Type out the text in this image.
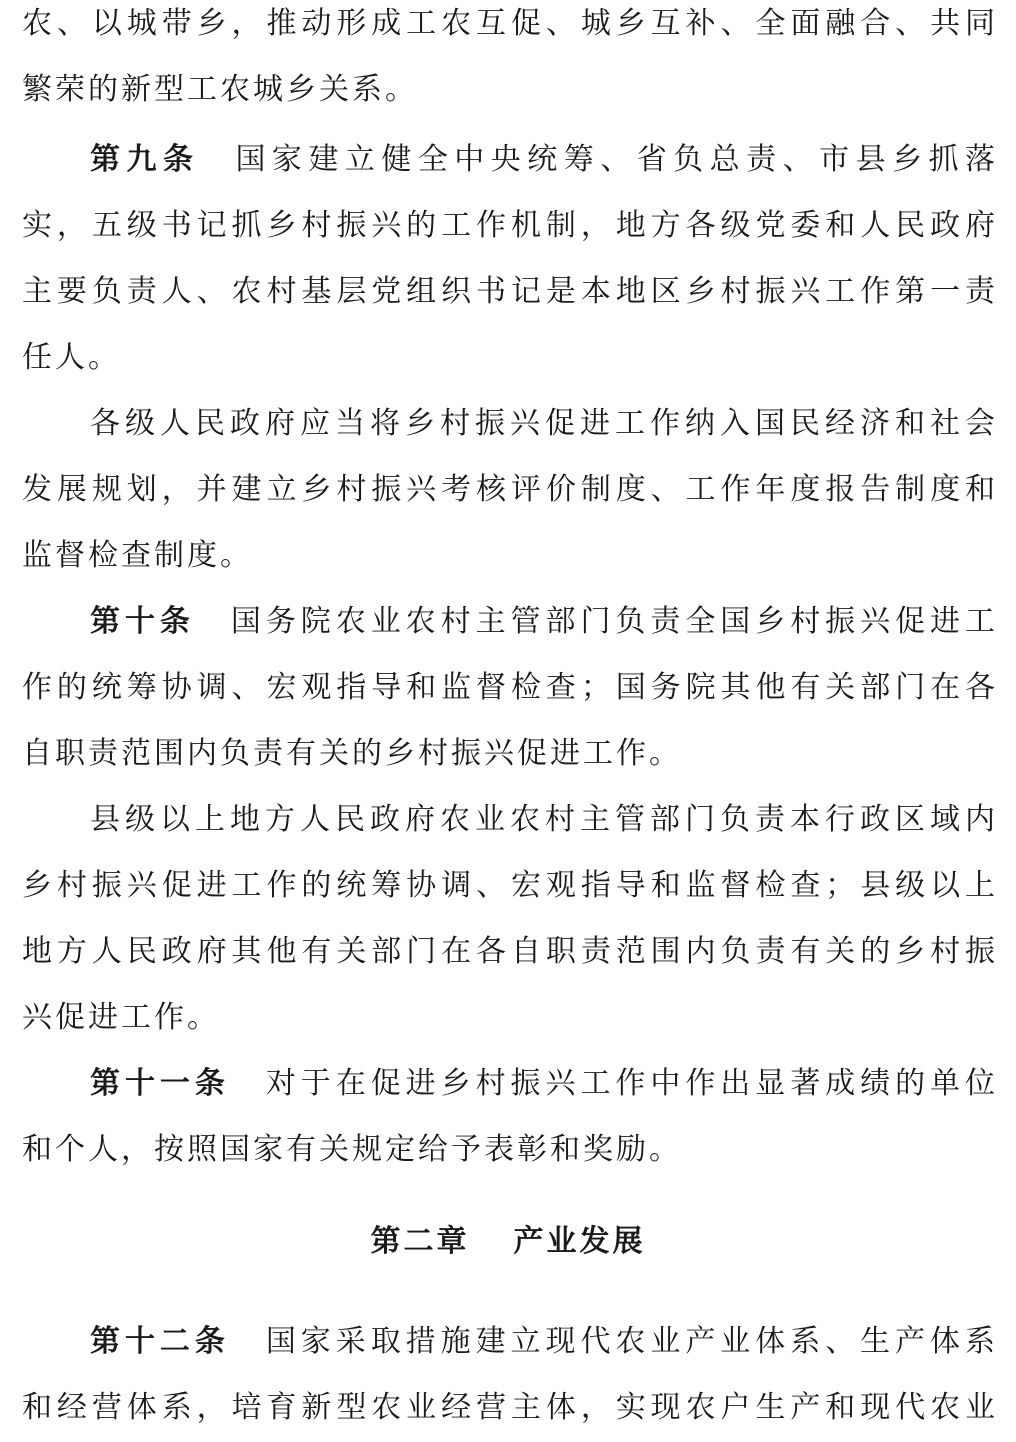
农、以城带乡，推动形成工农互促、城乡互补、全面融合、共同
繁荣的新型工农城乡关系。
第九条 国家建立健全中央统筹、省负总责、市县乡抓落
实，五级书记抓乡村振兴的工作机制，地方各级党委和人民政府
主要负责人、农村基层党组织书记是本地区乡村振兴工作第一责
任人。
各级人民政府应当将乡村振兴促进工作纳入国民经济和社会
发展规划，并建立乡村振兴考核评价制度、工作年度报告制度和
监督检查制度。
第十条 国务院农业农村主管部门负责全国乡村振兴促进工
作的统筹协调、宏观指导和监督检查；国务院其他有关部门在各
自职责范围内负责有关的乡村振兴促进工作。
县级以上地方人民政府农业农村主管部门负责本行政区域内
乡村振兴促进工作的统筹协调、宏观指导和监督检查；县级以上
地方人民政府其他有关部门在各自职责范围内负责有关的乡村振
兴促进工作。
第十一条 对于在促进乡村振兴工作中作出显著成绩的单位
和个人，按照国家有关规定给予表彰和奖励。
第二章 产业发展
第十二条 国家采取措施建立现代农业产业体系、生产体系
和经营体系，培育新型农业经营主体，实现农户生产和现代农业
